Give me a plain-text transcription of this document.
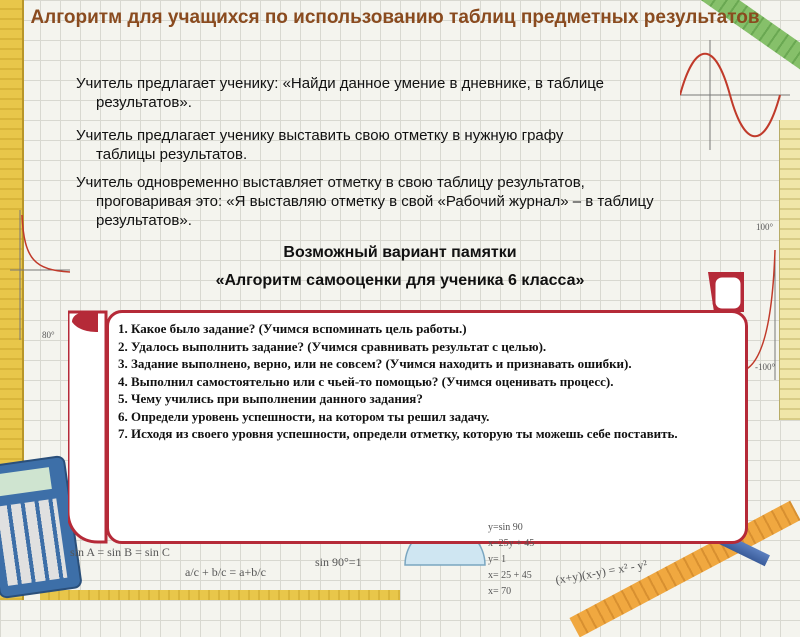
Алгоритм для учащихся по использованию таблиц предметных результатов
Учитель предлагает ученику: «Найди данное умение в дневнике, в таблице
результатов».
Учитель предлагает ученику выставить свою отметку в нужную графу
таблицы результатов.
Учитель одновременно выставляет отметку в свою таблицу результатов,
проговаривая это: «Я выставляю отметку в свой «Рабочий журнал» – в таблицу результатов».
Возможный вариант памятки
«Алгоритм самооценки для ученика 6 класса»

1. Какое было задание? (Учимся вспоминать цель работы.)

2. Удалось выполнить задание? (Учимся сравнивать результат с целью).

3. Задание выполнено, верно, или не совсем? (Учимся находить и признавать ошибки).

4. Выполнил самостоятельно или с чьей-то помощью? (Учимся оценивать процесс).

5. Чему учились при выполнении данного задания?

6. Определи уровень успешности, на котором ты решил задачу.

7. Исходя из своего уровня успешности, определи отметку, которую ты можешь себе поставить.

sin A = sin B = sin C
sin 90°=1
y=sin 90
x=25y + 45
y= 1
x= 25 + 45
x= 70
a/c + b/c = a+b/c	(x+y)(x-y) = x² - y²
80°
100°
-100°
